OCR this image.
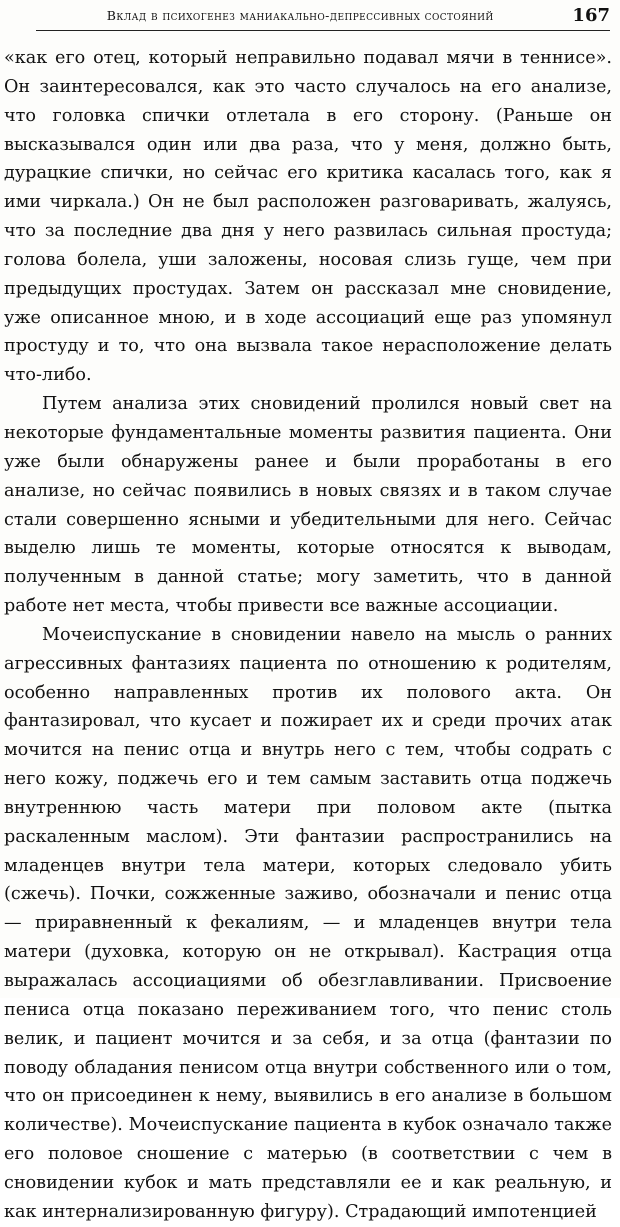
Вклад в психогенез маниакально-депрессивных состояний	167

«как его отец, который неправильно подавал мячи в теннисе». Он заинтересовался, как это часто случалось на его анализе, что головка спички отлетала в его сторону. (Раньше он высказывался один или два раза, что у меня, должно быть, дурацкие спички, но сейчас его критика касалась того, как я ими чиркала.) Он не был расположен разговаривать, жалуясь, что за последние два дня у него развилась сильная простуда; голова болела, уши заложены, носовая слизь гуще, чем при предыдущих простудах. Затем он рассказал мне сновидение, уже описанное мною, и в ходе ассоциаций еще раз упомянул простуду и то, что она вызвала такое нерасположение делать что-либо.

Путем анализа этих сновидений пролился новый свет на некоторые фундаментальные моменты развития пациента. Они уже были обнаружены ранее и были проработаны в его анализе, но сейчас появились в новых связях и в таком случае стали совершенно ясными и убедительными для него. Сейчас выделю лишь те моменты, которые относятся к выводам, полученным в данной статье; могу заметить, что в данной работе нет места, чтобы привести все важные ассоциации.

Мочеиспускание в сновидении навело на мысль о ранних агрессивных фантазиях пациента по отношению к родителям, особенно направленных против их полового акта. Он фантазировал, что кусает и пожирает их и среди прочих атак мочится на пенис отца и внутрь него с тем, чтобы содрать с него кожу, поджечь его и тем самым заставить отца поджечь внутреннюю часть матери при половом акте (пытка раскаленным маслом). Эти фантазии распространились на младенцев внутри тела матери, которых следовало убить (сжечь). Почки, сожженные заживо, обозначали и пенис отца — приравненный к фекалиям, — и младенцев внутри тела матери (духовка, которую он не открывал). Кастрация отца выражалась ассоциациями об обезглавливании. Присвоение пениса отца показано переживанием того, что пенис столь велик, и пациент мочится и за себя, и за отца (фантазии по поводу обладания пенисом отца внутри собственного или о том, что он присоединен к нему, выявились в его анализе в большом количестве). Мочеиспускание пациента в кубок означало также его половое сношение с матерью (в соответствии с чем в сновидении кубок и мать представляли ее и как реальную, и как интернализированную фигуру). Страдающий импотенцией
